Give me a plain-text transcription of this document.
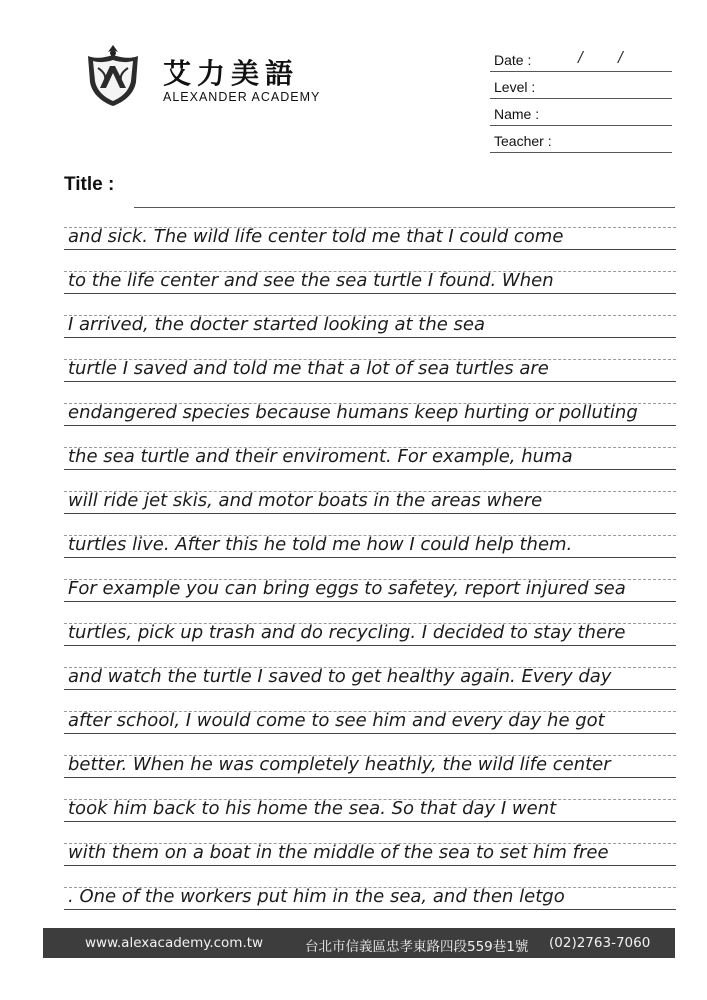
艾力美語
ALEXANDER ACADEMY
Date :	/ /
Level :
Name :
Teacher :
Title :
and sick. The wild life center told me that I could come
to the life center and see the sea turtle I found. When
I arrived, the docter started looking at the sea
turtle I saved and told me that a lot of sea turtles are
endangered species because humans keep hurting or polluting
the sea turtle and their enviroment. For example, huma
will ride jet skis, and motor boats in the areas where
turtles live. After this he told me how I could help them.
For example you can bring eggs to safetey, report injured sea
turtles, pick up trash and do recycling. I decided to stay there
and watch the turtle I saved to get healthy again. Every day
after school, I would come to see him and every day he got
better. When he was completely heathly, the wild life center
took him back to his home the sea. So that day I went
with them on a boat in the middle of the sea to set him free
. One of the workers put him in the sea, and then letgo
www.alexacademy.com.tw	台北市信義區忠孝東路四段559巷1號 (02)2763-7060
